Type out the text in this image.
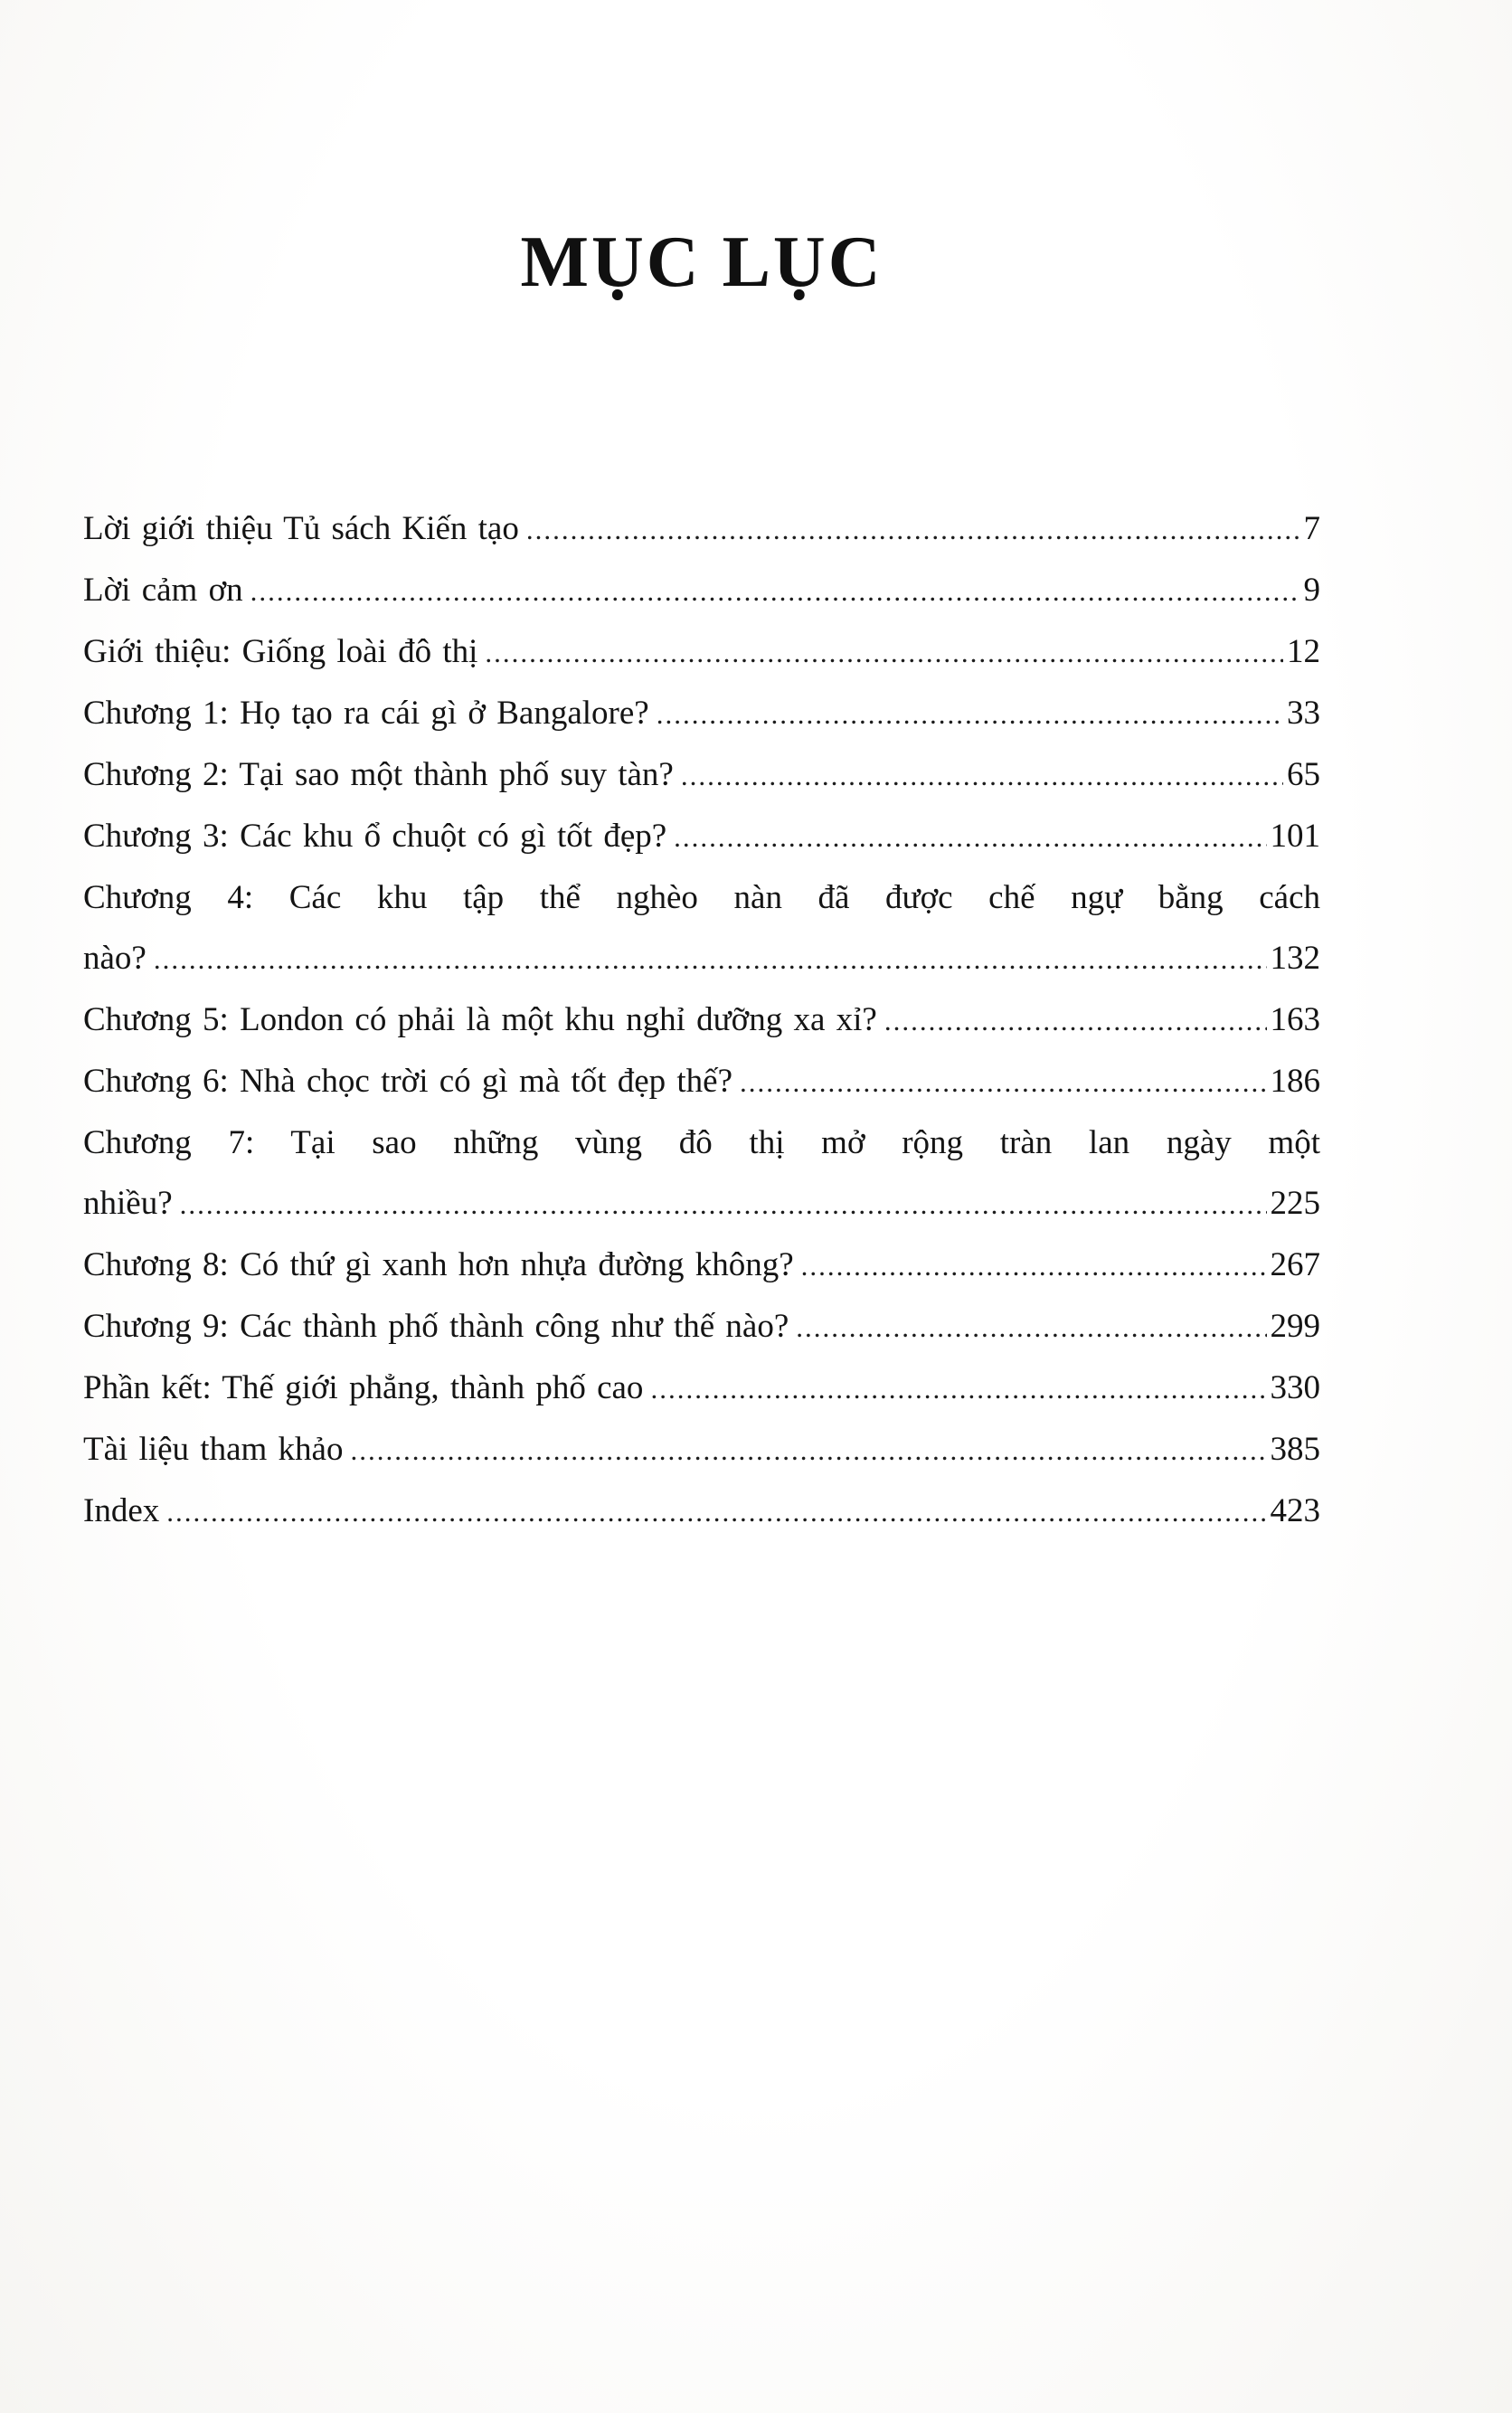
MỤC LỤC
Lời giới thiệu Tủ sách Kiến tạo .....	7
Lời cảm ơn .....	9
Giới thiệu: Giống loài đô thị .....	12
Chương 1: Họ tạo ra cái gì ở Bangalore? .....	33
Chương 2: Tại sao một thành phố suy tàn? .....	65
Chương 3: Các khu ổ chuột có gì tốt đẹp? .....	101
Chương 4: Các khu tập thể nghèo nàn đã được chế ngự bằng cách
nào? .....	132
Chương 5: London có phải là một khu nghỉ dưỡng xa xỉ? .....	163
Chương 6: Nhà chọc trời có gì mà tốt đẹp thế? .....	186
Chương 7: Tại sao những vùng đô thị mở rộng tràn lan ngày một
nhiều? .....	225
Chương 8: Có thứ gì xanh hơn nhựa đường không? .....	267
Chương 9: Các thành phố thành công như thế nào? .....	299
Phần kết: Thế giới phẳng, thành phố cao .....	330
Tài liệu tham khảo .....	385
Index .....	423
